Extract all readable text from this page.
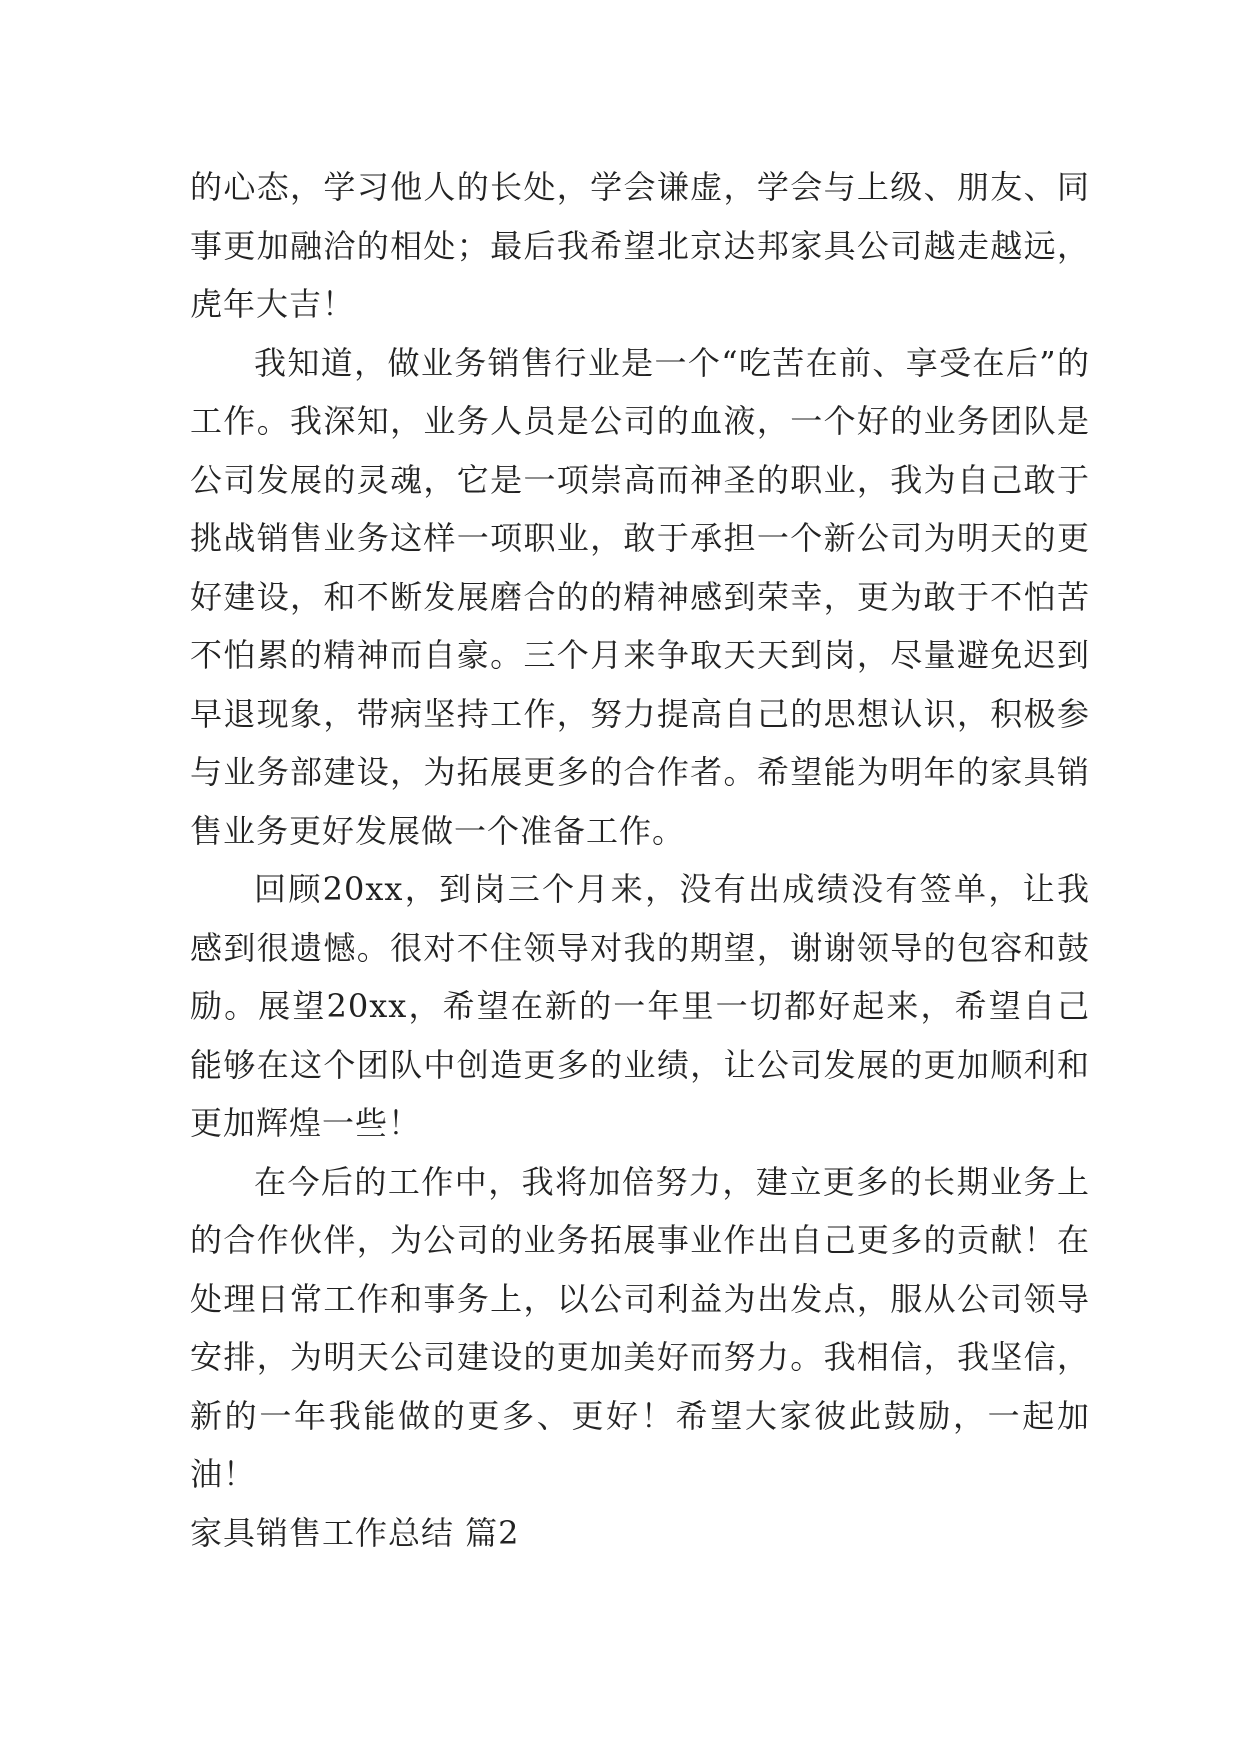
的心态，学习他人的长处，学会谦虚，学会与上级、朋友、同事更加融洽的相处；最后我希望北京达邦家具公司越走越远，虎年大吉！

我知道，做业务销售行业是一个“吃苦在前、享受在后”的工作。我深知，业务人员是公司的血液，一个好的业务团队是公司发展的灵魂，它是一项崇高而神圣的职业，我为自己敢于挑战销售业务这样一项职业，敢于承担一个新公司为明天的更好建设，和不断发展磨合的的精神感到荣幸，更为敢于不怕苦不怕累的精神而自豪。三个月来争取天天到岗，尽量避免迟到早退现象，带病坚持工作，努力提高自己的思想认识，积极参与业务部建设，为拓展更多的合作者。希望能为明年的家具销售业务更好发展做一个准备工作。

回顾20xx，到岗三个月来，没有出成绩没有签单，让我感到很遗憾。很对不住领导对我的期望，谢谢领导的包容和鼓励。展望20xx，希望在新的一年里一切都好起来，希望自己能够在这个团队中创造更多的业绩，让公司发展的更加顺利和更加辉煌一些！

在今后的工作中，我将加倍努力，建立更多的长期业务上的合作伙伴，为公司的业务拓展事业作出自己更多的贡献！在处理日常工作和事务上，以公司利益为出发点，服从公司领导安排，为明天公司建设的更加美好而努力。我相信，我坚信，新的一年我能做的更多、更好！希望大家彼此鼓励，一起加油！

家具销售工作总结 篇2
